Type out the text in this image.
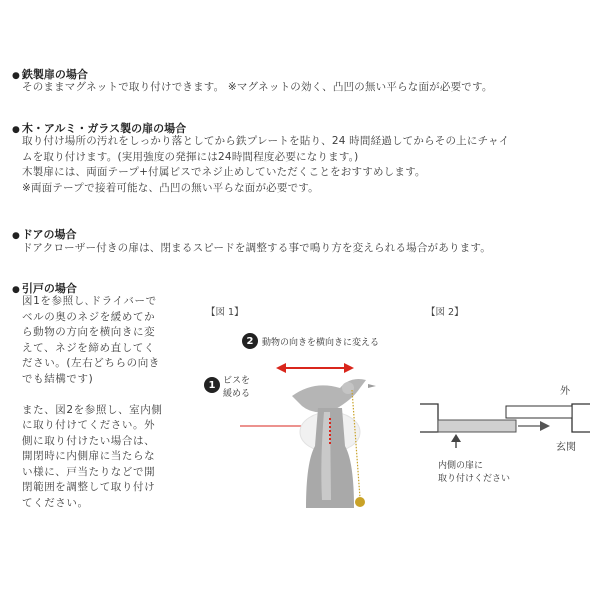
● 鉄製扉の場合
そのままマグネットで取り付けできます。 ※マグネットの効く、凸凹の無い平らな面が必要です。
● 木・アルミ・ガラス製の扉の場合
取り付け場所の汚れをしっかり落としてから鉄プレートを貼り、24 時間経過してからその上にチャイ
ムを取り付けます。(実用強度の発揮には24時間程度必要になります。)
木製扉には、両面テープ+付属ビスでネジ止めしていただくことをおすすめします。
※両面テープで接着可能な、凸凹の無い平らな面が必要です。
● ドアの場合
ドアクローザー付きの扉は、閉まるスピードを調整する事で鳴り方を変えられる場合があります。
● 引戸の場合
図1を参照し､ドライバーで
ベルの奥のネジを緩めてか
ら動物の方向を横向きに変
えて、ネジを締め直してく
ださい。(左右どちらの向き
でも結構です)
また、図2を参照し、室内側
に取り付けてください。外
側に取り付けたい場合は、
開閉時に内側扉に当たらな
い様に、戸当たりなどで開
閉範囲を調整して取り付け
てください。
【図 1】
2 動物の向きを横向きに変える
1 ビスを
緩める
【図 2】
外
玄関
内側の扉に
取り付けください
